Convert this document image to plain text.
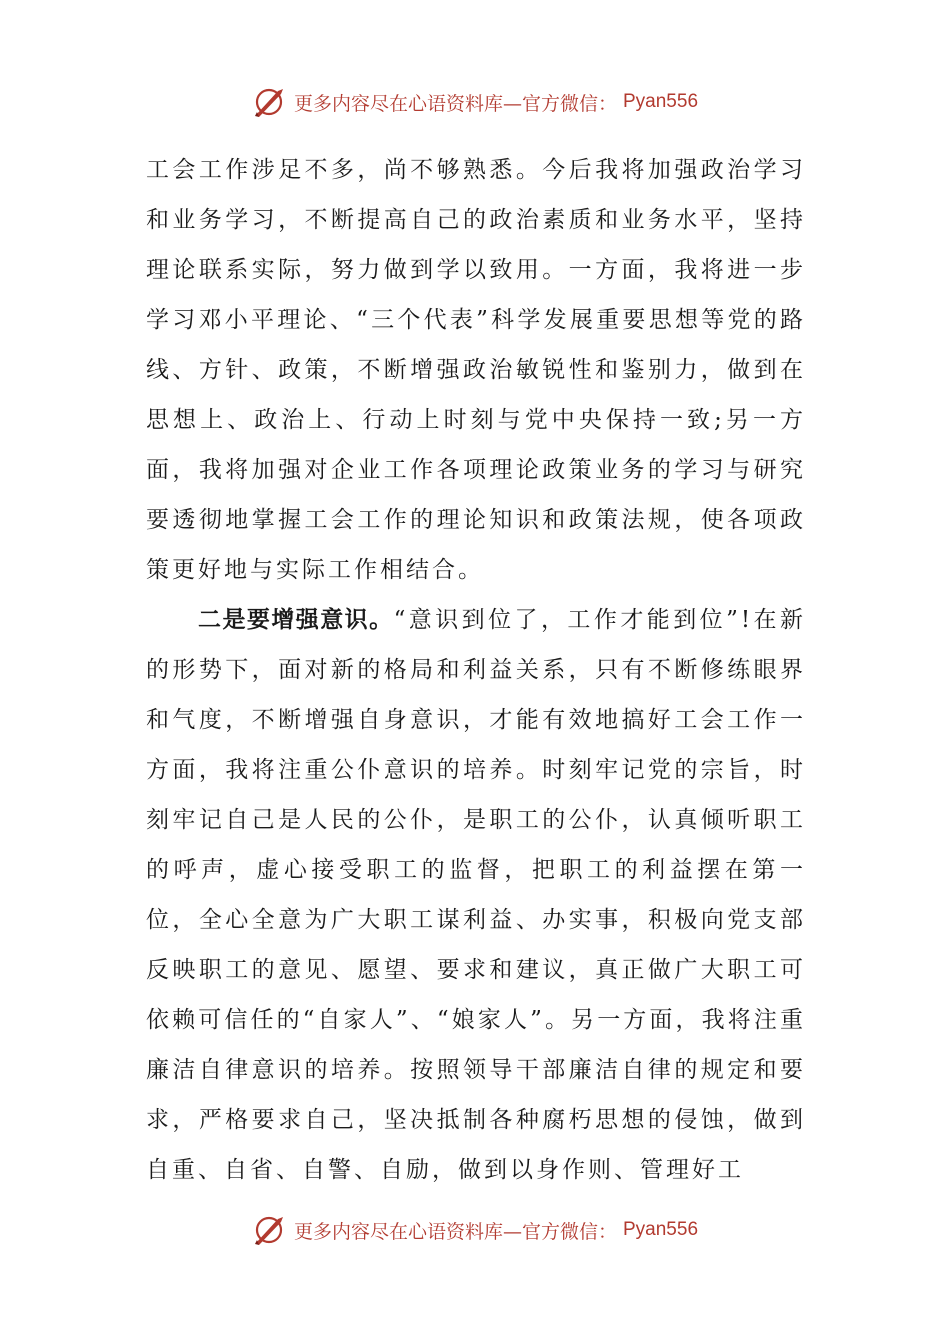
更多内容尽在心语资料库—官方微信： Pyan556

工会工作涉足不多，尚不够熟悉。今后我将加强政治学习和业务学习，不断提高自己的政治素质和业务水平，坚持理论联系实际，努力做到学以致用。一方面，我将进一步学习邓小平理论、“三个代表”科学发展重要思想等党的路线、方针、政策，不断增强政治敏锐性和鉴别力，做到在思想上、政治上、行动上时刻与党中央保持一致;另一方面，我将加强对企业工作各项理论政策业务的学习与研究要透彻地掌握工会工作的理论知识和政策法规，使各项政策更好地与实际工作相结合。

二是要增强意识。“意识到位了，工作才能到位”!在新的形势下，面对新的格局和利益关系，只有不断修练眼界和气度，不断增强自身意识，才能有效地搞好工会工作一方面，我将注重公仆意识的培养。时刻牢记党的宗旨，时刻牢记自己是人民的公仆，是职工的公仆，认真倾听职工的呼声，虚心接受职工的监督，把职工的利益摆在第一位，全心全意为广大职工谋利益、办实事，积极向党支部反映职工的意见、愿望、要求和建议，真正做广大职工可依赖可信任的“自家人”、“娘家人”。另一方面，我将注重廉洁自律意识的培养。按照领导干部廉洁自律的规定和要求，严格要求自己，坚决抵制各种腐朽思想的侵蚀，做到自重、自省、自警、自励，做到以身作则、管理好工

更多内容尽在心语资料库—官方微信： Pyan556
